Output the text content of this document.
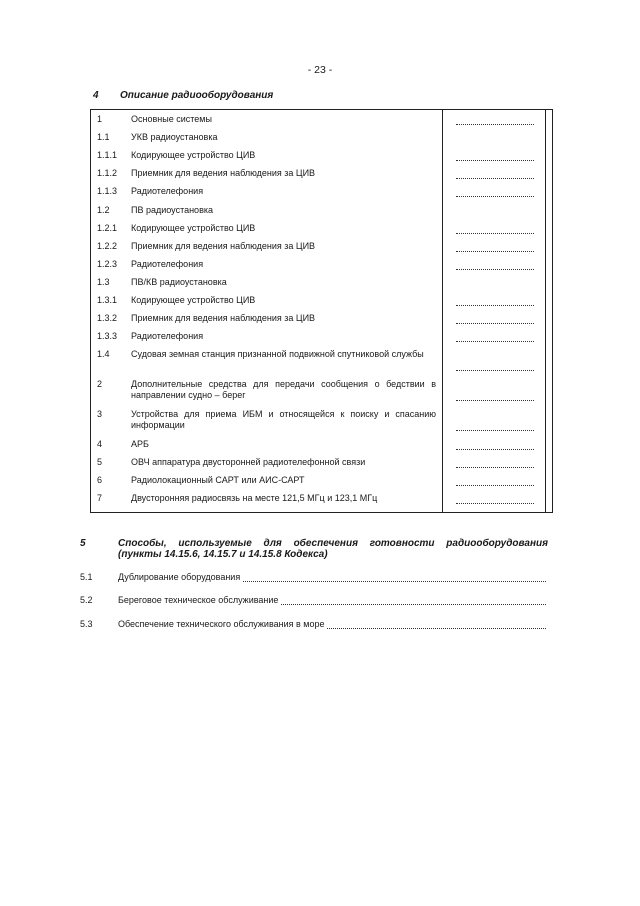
- 23 -
4 Описание радиооборудования
1	Основные системы
1.1 УКВ радиоустановка
1.1.1 Кодирующее устройство ЦИВ
1.1.2 Приемник для ведения наблюдения за ЦИВ
1.1.3 Радиотелефония
1.2 ПВ радиоустановка
1.2.1 Кодирующее устройство ЦИВ
1.2.2 Приемник для ведения наблюдения за ЦИВ
1.2.3 Радиотелефония
1.3 ПВ/КВ радиоустановка
1.3.1 Кодирующее устройство ЦИВ
1.3.2 Приемник для ведения наблюдения за ЦИВ
1.3.3 Радиотелефония
1.4 Судовая земная станция признанной подвижной спутниковой службы
2	Дополнительные средства для передачи сообщения о бедствии в направлении судно – берег
3	Устройства для приема ИБМ и относящейся к поиску и спасанию информации
4	АРБ
5	ОВЧ аппаратура двусторонней радиотелефонной связи
6	Радиолокационный САРТ или АИС-САРТ
7	Двусторонняя радиосвязь на месте 121,5 МГц и 123,1 МГц
5	Способы, используемые для обеспечения готовности радиооборудования (пункты 14.15.6, 14.15.7 и 14.15.8 Кодекса)
5.1	Дублирование оборудования
5.2	Береговое техническое обслуживание
5.3	Обеспечение технического обслуживания в море
